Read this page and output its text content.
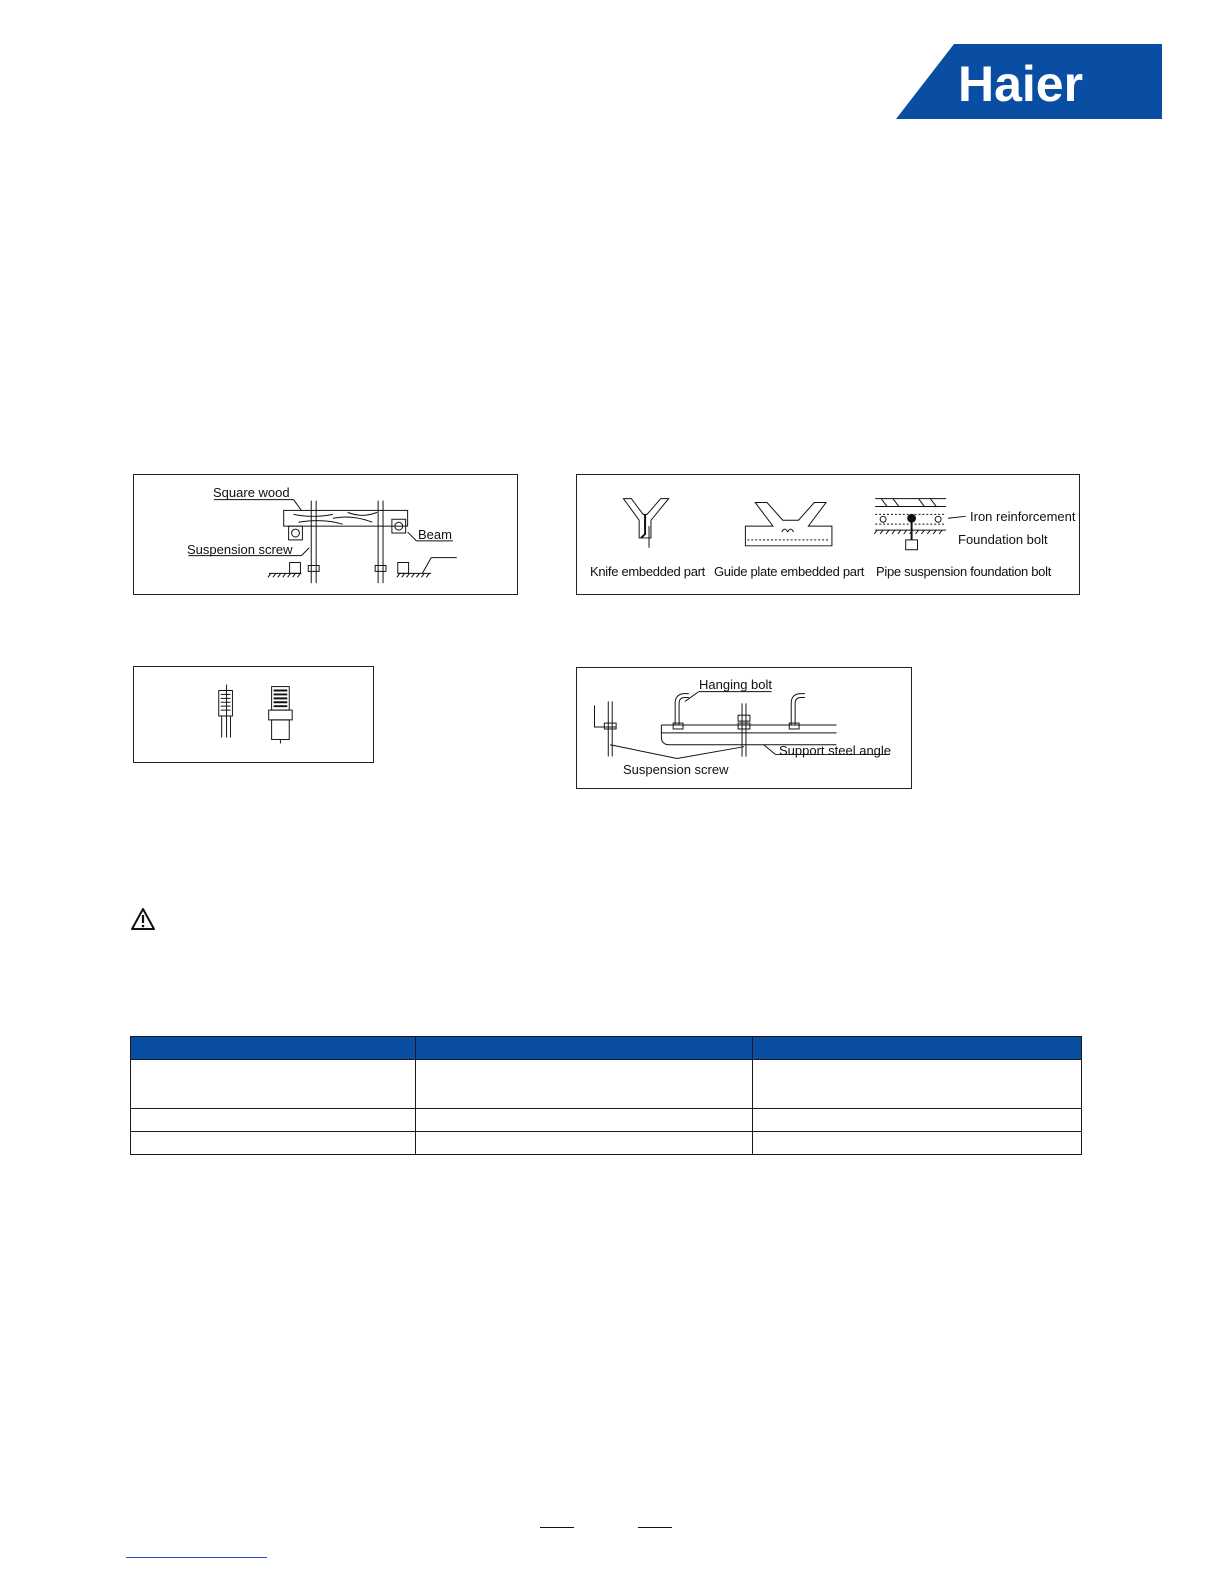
Haier
Square wood
Beam
Suspension screw
Iron reinforcement
Foundation bolt
Knife embedded part Guide plate embedded part Pipe suspension foundation bolt
Hanging bolt
Support steel angle
Suspension screw
